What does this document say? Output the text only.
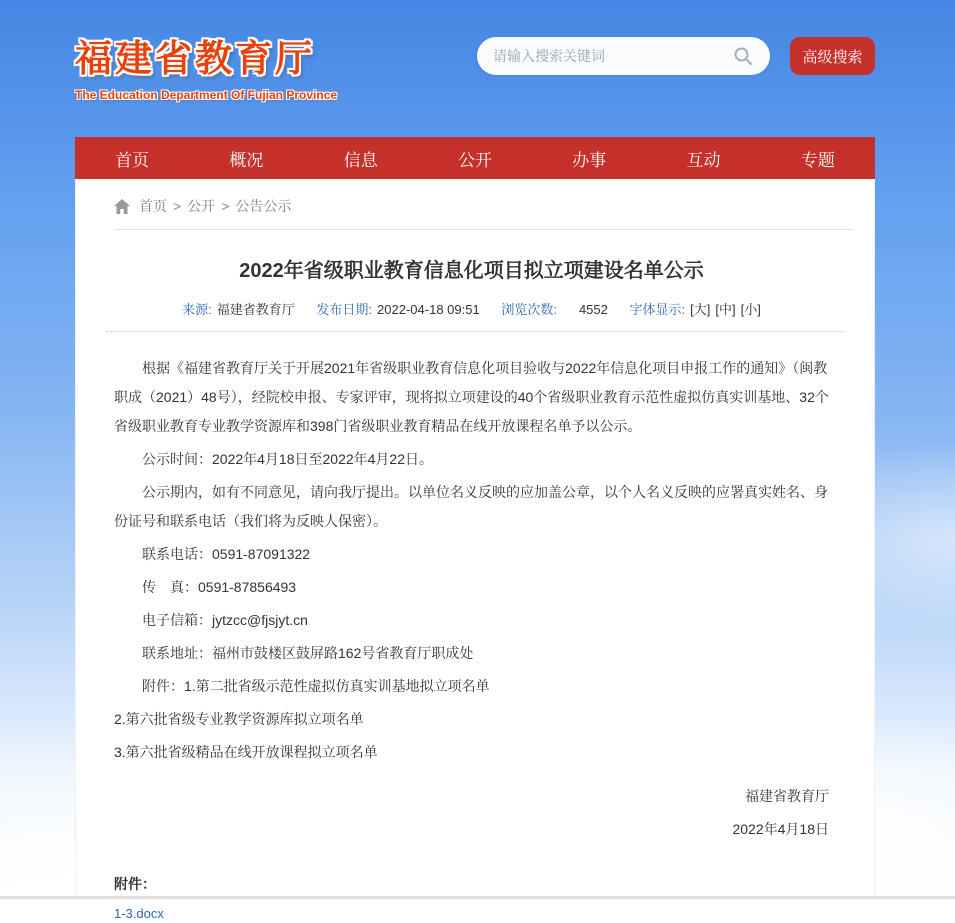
福建省教育厅
The Education Department Of Fujian Province
请输入搜索关键词
高级搜索
首页	概况	信息	公开	办事	互动	专题
首页 > 公开 > 公告公示
2022年省级职业教育信息化项目拟立项建设名单公示
来源: 福建省教育厅 发布日期: 2022-04-18 09:51 浏览次数: 4552 字体显示: [大] [中] [小]

根据《福建省教育厅关于开展2021年省级职业教育信息化项目验收与2022年信息化项目申报工作的通知》（闽教职成（2021）48号），经院校申报、专家评审，现将拟立项建设的40个省级职业教育示范性虚拟仿真实训基地、32个省级职业教育专业教学资源库和398门省级职业教育精品在线开放课程名单予以公示。

公示时间：2022年4月18日至2022年4月22日。

公示期内，如有不同意见，请向我厅提出。以单位名义反映的应加盖公章，以个人名义反映的应署真实姓名、身份证号和联系电话（我们将为反映人保密）。

联系电话：0591-87091322

传　真：0591-87856493

电子信箱：jytzcc@fjsjyt.cn

联系地址：福州市鼓楼区鼓屏路162号省教育厅职成处

附件：1.第二批省级示范性虚拟仿真实训基地拟立项名单

2.第六批省级专业教学资源库拟立项名单

3.第六批省级精品在线开放课程拟立项名单

福建省教育厅
2022年4月18日
附件：
1-3.docx
